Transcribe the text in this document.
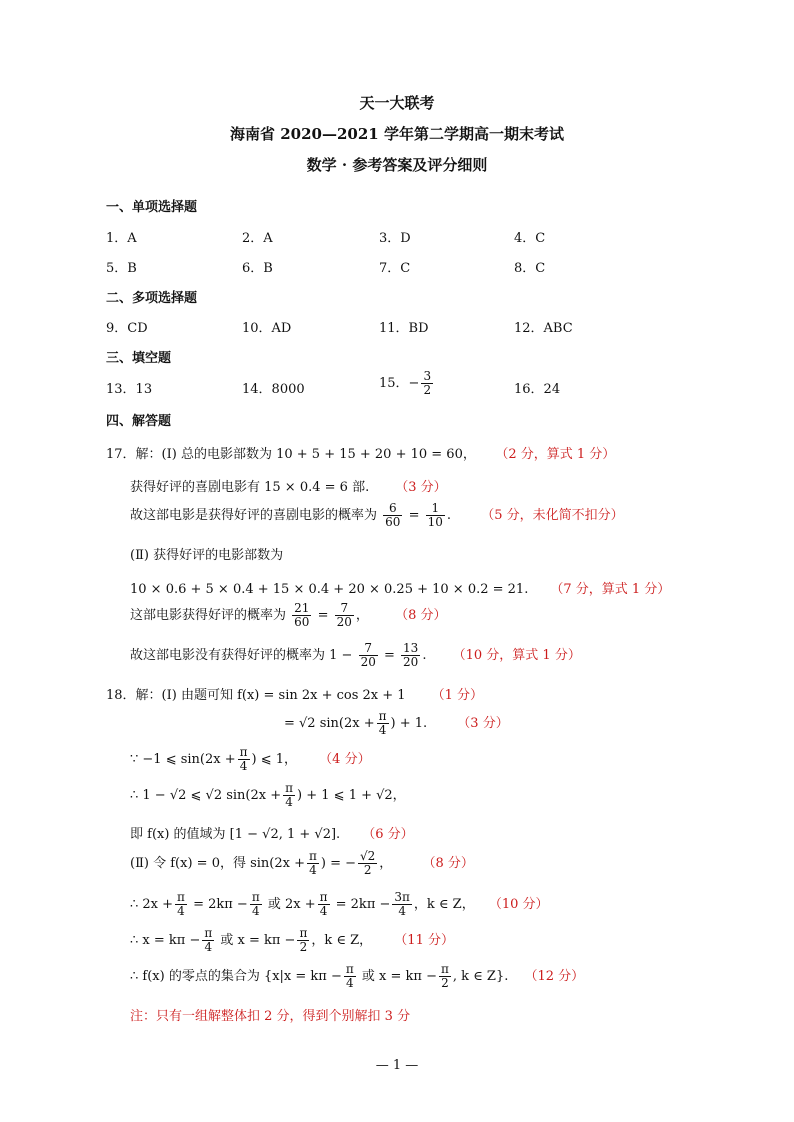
天一大联考
海南省 2020—2021 学年第二学期高一期末考试
数学 · 参考答案及评分细则
一、单项选择题
1．A	2．A	3．D	4．C
5．B	6．B	7．C	8．C
二、多项选择题
9．CD	10．AD	11．BD	12．ABC
三、填空题
13．13	14．8000	15．− $\frac{3}{2}$	16．24
四、解答题
17．解：(Ⅰ) 总的电影部数为 10 + 5 + 15 + 20 + 10 = 60， （2 分，算式 1 分）
获得好评的喜剧电影有 15 × 0.4 = 6 部. （3 分）
故这部电影是获得好评的喜剧电影的概率为 $\frac{6}{60} = \frac{1}{10}$ . （5 分，未化简不扣分）
(Ⅱ) 获得好评的电影部数为
10 × 0.6 + 5 × 0.4 + 15 × 0.4 + 20 × 0.25 + 10 × 0.2 = 21. （7 分，算式 1 分）
这部电影获得好评的概率为 $\frac{21}{60} = \frac{7}{20}$ ， （8 分）
故这部电影没有获得好评的概率为 $1 - \frac{7}{20} = \frac{13}{20}$ . （10 分，算式 1 分）
18．解：(Ⅰ) 由题可知 f(x) = sin 2x + cos 2x + 1 （1 分）
= √2 $\sin(2x + \frac{\pi}{4}$ ) + 1. （3 分）
∵ −1 ⩽ $\sin(2x + \frac{\pi}{4}$ ) ⩽ 1， （4 分）
∴ 1 − √2 ⩽ √2 $\sin(2x + \frac{\pi}{4}$ ) + 1 ⩽ 1 + √2，
即 f(x) 的值域为 [1 − √2, 1 + √2]. （6 分）
(Ⅱ) 令 f(x) = 0，得 $\sin(2x + \frac{\pi}{4}$ ) = − $\frac{√2}{2}$ ， （8 分）
∴ $2x + \frac{\pi}{4} = 2k\pi - \frac{\pi}{4}$ 或 $2x + \frac{\pi}{4} = 2k\pi - \frac{3\pi}{4}$ ，k ∈ Z， （10 分）
∴ $x = k\pi - \frac{\pi}{4}$ 或 $x = k\pi - \frac{\pi}{2}$ ，k ∈ Z， （11 分）
∴ f(x) 的零点的集合为 {$x|x = k\pi - \frac{\pi}{4}$ 或 $x = k\pi - \frac{\pi}{2}$ , k ∈ Z}. （12 分）
注：只有一组解整体扣 2 分，得到个别解扣 3 分
— 1 —
